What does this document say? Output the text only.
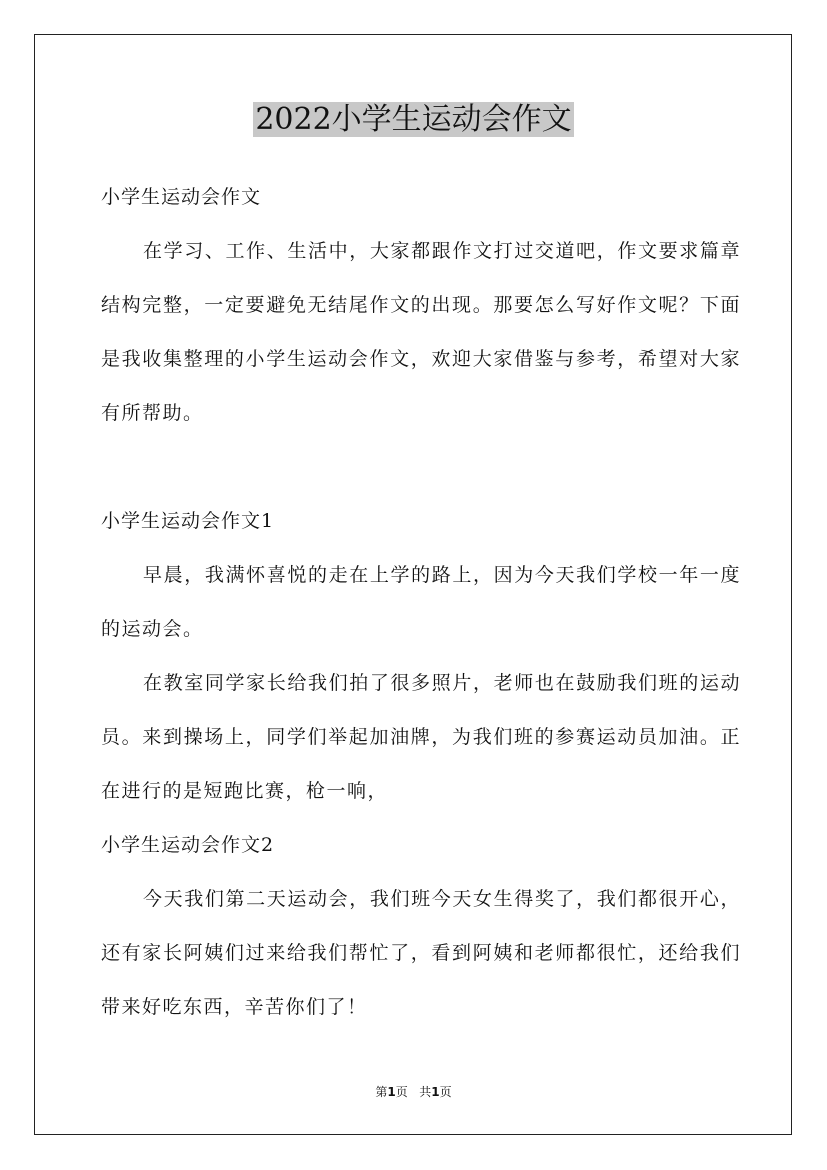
2022小学生运动会作文

小学生运动会作文

在学习、工作、生活中，大家都跟作文打过交道吧，作文要求篇章结构完整，一定要避免无结尾作文的出现。那要怎么写好作文呢？下面是我收集整理的小学生运动会作文，欢迎大家借鉴与参考，希望对大家有所帮助。

小学生运动会作文1

早晨，我满怀喜悦的走在上学的路上，因为今天我们学校一年一度的运动会。

在教室同学家长给我们拍了很多照片，老师也在鼓励我们班的运动员。来到操场上，同学们举起加油牌，为我们班的参赛运动员加油。正在进行的是短跑比赛，枪一响，

小学生运动会作文2

今天我们第二天运动会，我们班今天女生得奖了，我们都很开心，还有家长阿姨们过来给我们帮忙了，看到阿姨和老师都很忙，还给我们带来好吃东西，辛苦你们了！

第1页 共1页
